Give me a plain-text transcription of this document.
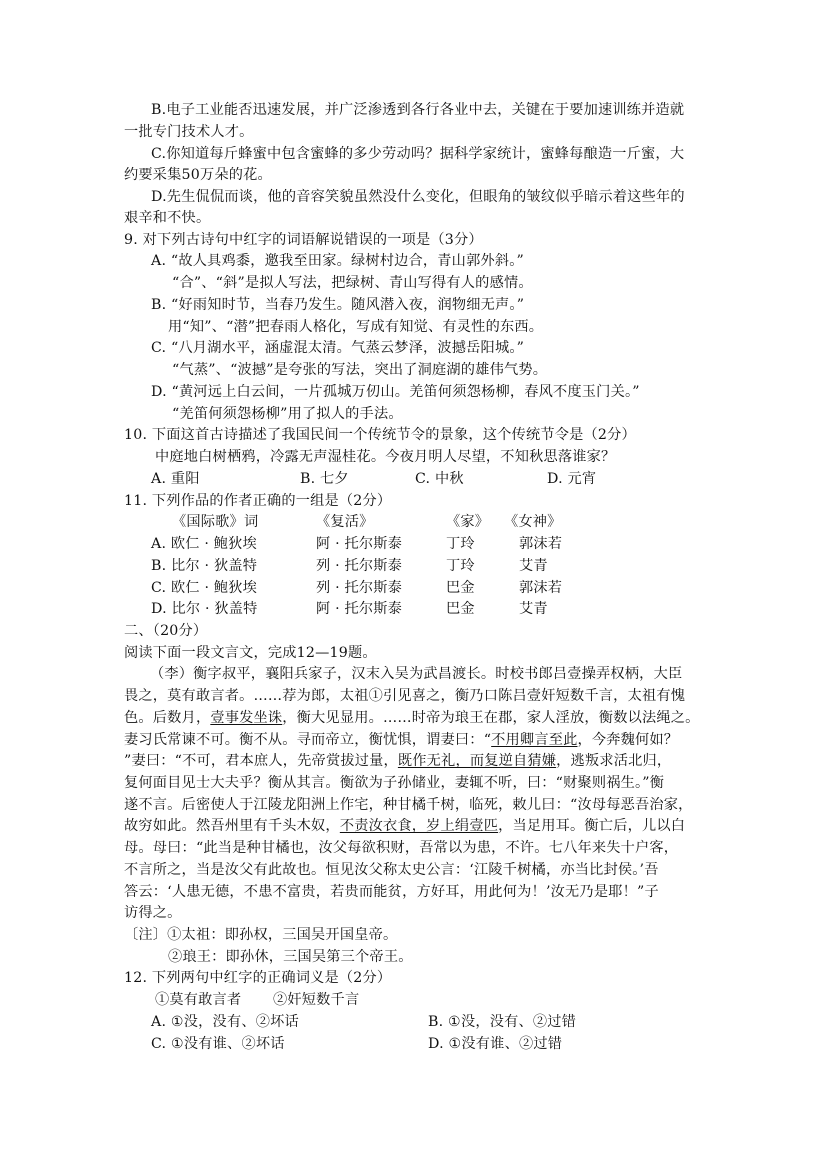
B.电子工业能否迅速发展，并广泛渗透到各行各业中去，关键在于要加速训练并造就
一批专门技术人才。
C.你知道每斤蜂蜜中包含蜜蜂的多少劳动吗？据科学家统计，蜜蜂每酿造一斤蜜，大
约要采集50万朵的花。
D.先生侃侃而谈，他的音容笑貌虽然没什么变化，但眼角的皱纹似乎暗示着这些年的
艰辛和不快。
9. 对下列古诗句中红字的词语解说错误的一项是（3分）
A. “故人具鸡黍，邀我至田家。绿树村边合，青山郭外斜。”
“合”、“斜”是拟人写法，把绿树、青山写得有人的感情。
B. “好雨知时节，当春乃发生。随风潜入夜，润物细无声。”
用“知”、“潜”把春雨人格化，写成有知觉、有灵性的东西。
C. “八月湖水平，涵虚混太清。气蒸云梦泽，波撼岳阳城。”
“气蒸”、“波撼”是夸张的写法，突出了洞庭湖的雄伟气势。
D. “黄河远上白云间，一片孤城万仞山。羌笛何须怨杨柳，春风不度玉门关。”
“羌笛何须怨杨柳”用了拟人的手法。
10. 下面这首古诗描述了我国民间一个传统节令的景象，这个传统节令是（2分）
中庭地白树栖鸦，冷露无声湿桂花。今夜月明人尽望，不知秋思落谁家？
A. 重阳	B. 七夕	C. 中秋	D. 元宵
11. 下列作品的作者正确的一组是（2分）
《国际歌》词	《复活》	《家》 《女神》
A. 欧仁 · 鲍狄埃	阿 · 托尔斯泰	丁玲	郭沫若
B. 比尔 · 狄盖特	列 · 托尔斯泰	丁玲	艾青
C. 欧仁 · 鲍狄埃	列 · 托尔斯泰	巴金	郭沫若
D. 比尔 · 狄盖特	阿 · 托尔斯泰	巴金	艾青
二、（20分）
阅读下面一段文言文，完成12—19题。
（李）衡字叔平，襄阳兵家子，汉末入吴为武昌渡长。时校书郎吕壹操弄权柄，大臣
畏之，莫有敢言者。……荐为郎，太祖①引见喜之，衡乃口陈吕壹奸短数千言，太祖有愧
色。后数月，壹事发坐诛，衡大见显用。……时帝为琅王在郡，家人淫放，衡数以法绳之。
妻习氏常谏不可。衡不从。寻而帝立，衡忧惧，谓妻曰：“不用卿言至此，今奔魏何如？
”妻曰：“不可，君本庶人，先帝赏拔过量，既作无礼，而复逆自猜嫌，逃叛求活北归，
复何面目见士大夫乎？衡从其言。衡欲为子孙储业，妻辄不听，曰：“财聚则祸生。”衡
遂不言。后密使人于江陵龙阳洲上作宅，种甘橘千树，临死，敕儿曰：“汝母每恶吾治家，
故穷如此。然吾州里有千头木奴，不责汝衣食，岁上绢壹匹，当足用耳。衡亡后，儿以白
母。母曰：“此当是种甘橘也，汝父每欲积财，吾常以为患，不许。七八年来失十户客，
不言所之，当是汝父有此故也。恒见汝父称太史公言：‘江陵千树橘，亦当比封侯。’吾
答云：‘人患无德，不患不富贵，若贵而能贫，方好耳，用此何为！’汝无乃是耶！”子
访得之。
〔注〕①太祖：即孙权，三国吴开国皇帝。
②琅王：即孙休，三国吴第三个帝王。
12. 下列两句中红字的正确词义是（2分）
①莫有敢言者 ②奸短数千言
A. ①没，没有、②坏话	B. ①没，没有、②过错
C. ①没有谁、②坏话	D. ①没有谁、②过错
